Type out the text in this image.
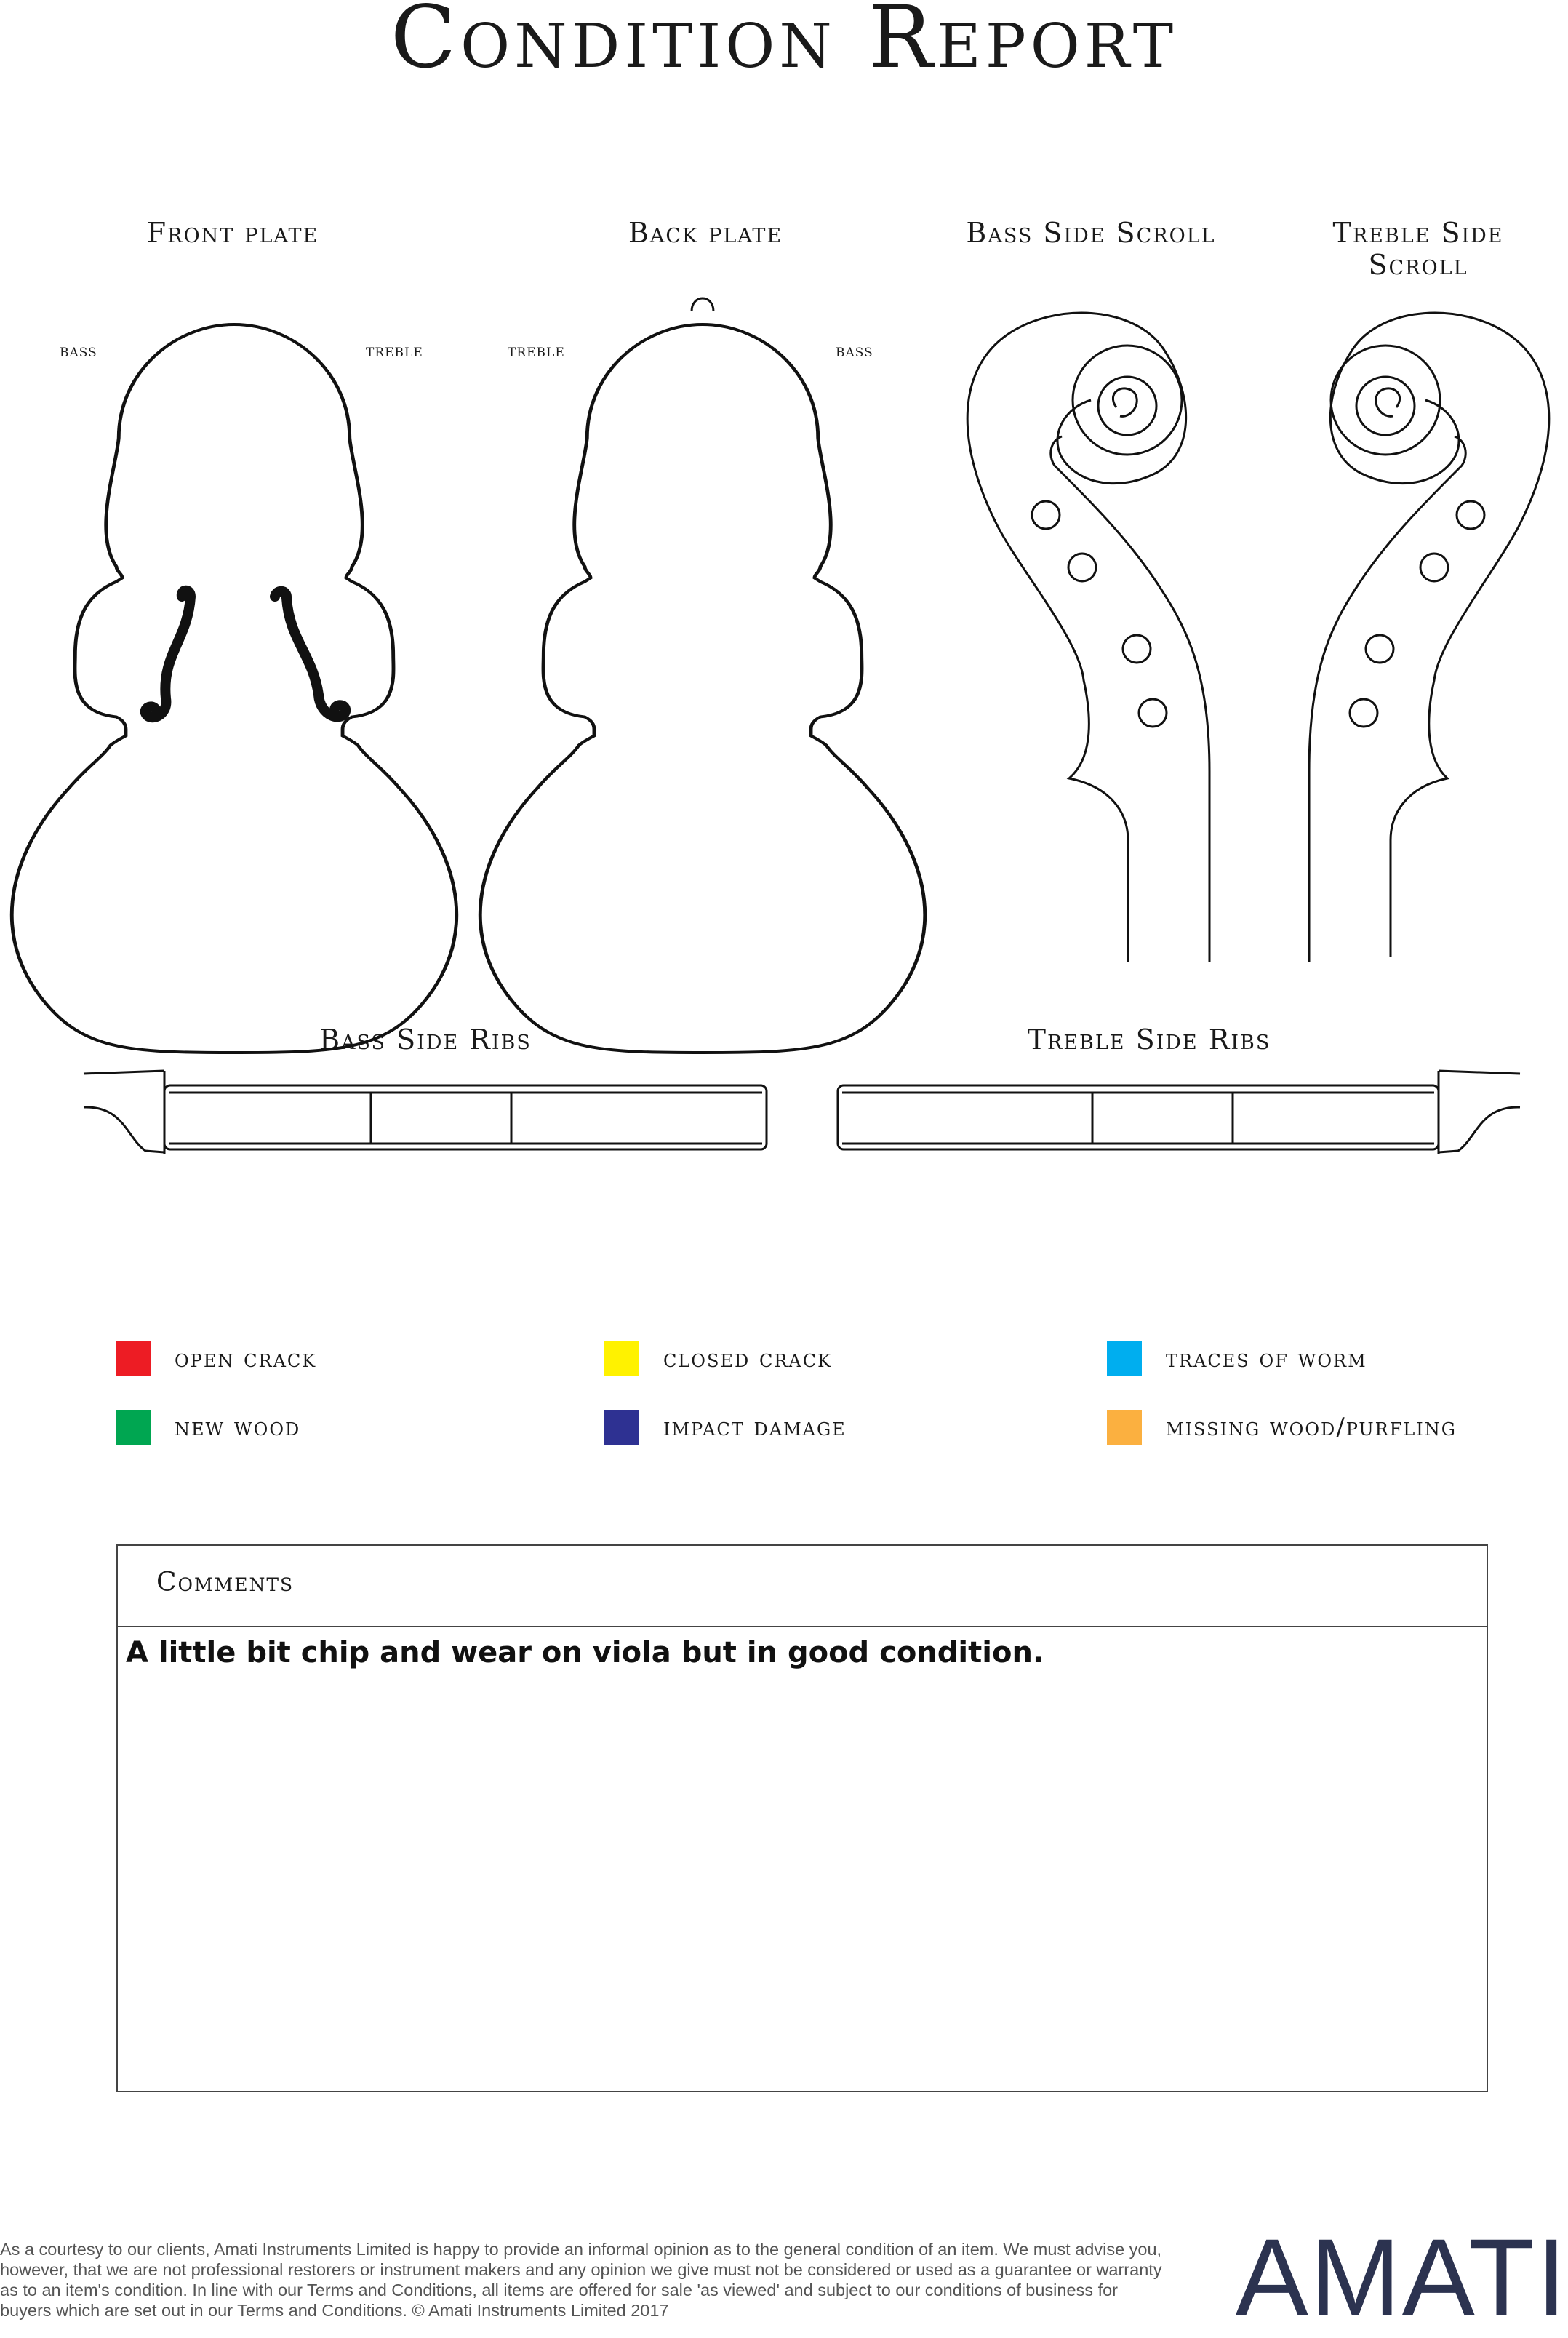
Condition Report
Front plate	Back plate	Bass Side Scroll	Treble Side Scroll
Bass Side Ribs	Treble Side Ribs
bass	treble	treble	bass
open crack	closed crack	traces of worm
new wood	impact damage	missing wood/purfling
Comments
A little bit chip and wear on viola but in good condition.
As a courtesy to our clients, Amati Instruments Limited is happy to provide an informal opinion as to the general condition of an item. We must advise you, however, that we are not professional restorers or instrument makers and any opinion we give must not be considered or used as a guarantee or warranty as to an item's condition. In line with our Terms and Conditions, all items are offered for sale 'as viewed' and subject to our conditions of business for buyers which are set out in our Terms and Conditions. © Amati Instruments Limited 2017	AMATI
